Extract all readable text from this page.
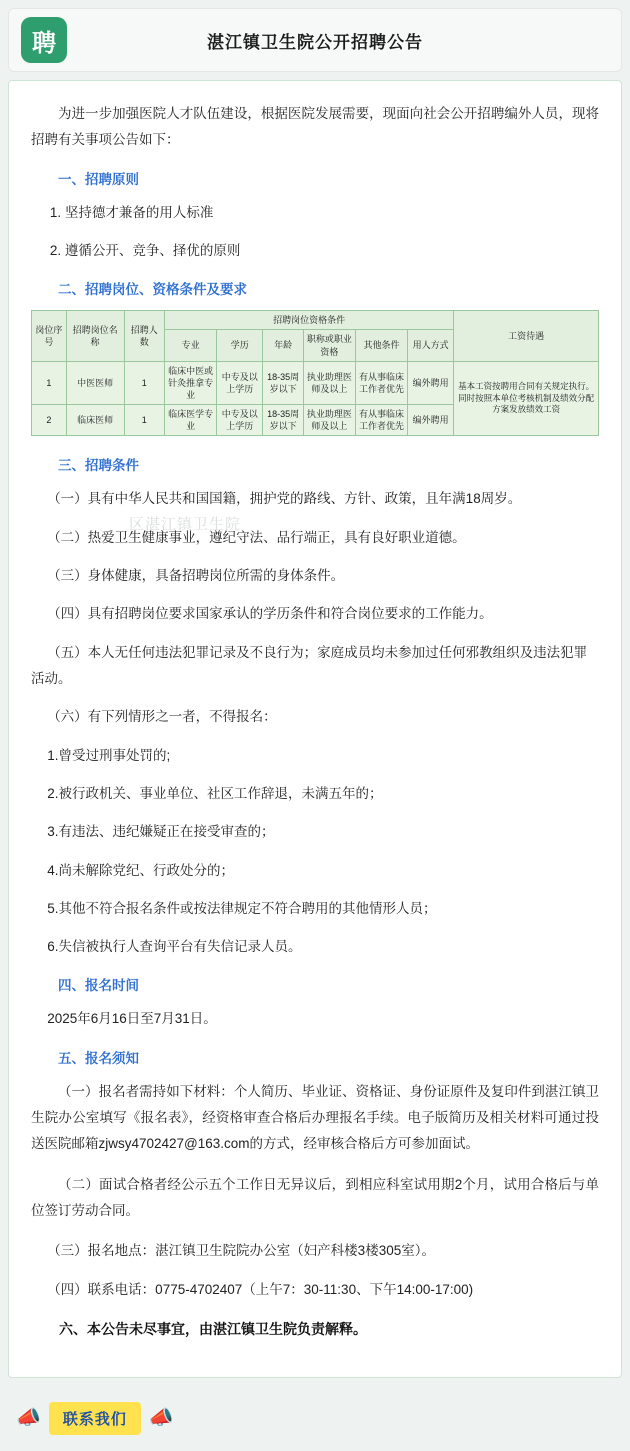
聘	湛江镇卫生院公开招聘公告
区湛江镇卫生院

为进一步加强医院人才队伍建设，根据医院发展需要，现面向社会公开招聘编外人员，现将招聘有关事项公告如下：

一、招聘原则

1. 坚持德才兼备的用人标准

2. 遵循公开、竞争、择优的原则

二、招聘岗位、资格条件及要求

岗位序号	招聘岗位名称	招聘人数	招聘岗位资格条件						工资待遇
			专业	学历	年龄	职称或职业资格	其他条件	用人方式	
1	中医医师	1	临床中医或针灸推拿专业	中专及以上学历	18-35周岁以下	执业助理医师及以上	有从事临床工作者优先	编外聘用	基本工资按聘用合同有关规定执行。同时按照本单位考核机制及绩效分配方案发放绩效工资
2	临床医师	1	临床医学专业	中专及以上学历	18-35周岁以下	执业助理医师及以上	有从事临床工作者优先	编外聘用	

三、招聘条件

（一）具有中华人民共和国国籍，拥护党的路线、方针、政策，且年满18周岁。

（二）热爱卫生健康事业，遵纪守法、品行端正，具有良好职业道德。

（三）身体健康，具备招聘岗位所需的身体条件。

（四）具有招聘岗位要求国家承认的学历条件和符合岗位要求的工作能力。

（五）本人无任何违法犯罪记录及不良行为；家庭成员均未参加过任何邪教组织及违法犯罪活动。

（六）有下列情形之一者，不得报名：

1.曾受过刑事处罚的;

2.被行政机关、事业单位、社区工作辞退，未满五年的；

3.有违法、违纪嫌疑正在接受审查的；

4.尚未解除党纪、行政处分的；

5.其他不符合报名条件或按法律规定不符合聘用的其他情形人员；

6.失信被执行人查询平台有失信记录人员。

四、报名时间

2025年6月16日至7月31日。

五、报名须知

（一）报名者需持如下材料：个人简历、毕业证、资格证、身份证原件及复印件到湛江镇卫生院办公室填写《报名表》，经资格审查合格后办理报名手续。电子版简历及相关材料可通过投送医院邮箱zjwsy4702427@163.com的方式，经审核合格后方可参加面试。

（二）面试合格者经公示五个工作日无异议后，到相应科室试用期2个月，试用合格后与单位签订劳动合同。

（三）报名地点：湛江镇卫生院院办公室（妇产科楼3楼305室）。

（四）联系电话：0775-4702407（上午7：30-11:30、下午14:00-17:00)

六、本公告未尽事宜，由湛江镇卫生院负责解释。

📣	联系我们	📣
